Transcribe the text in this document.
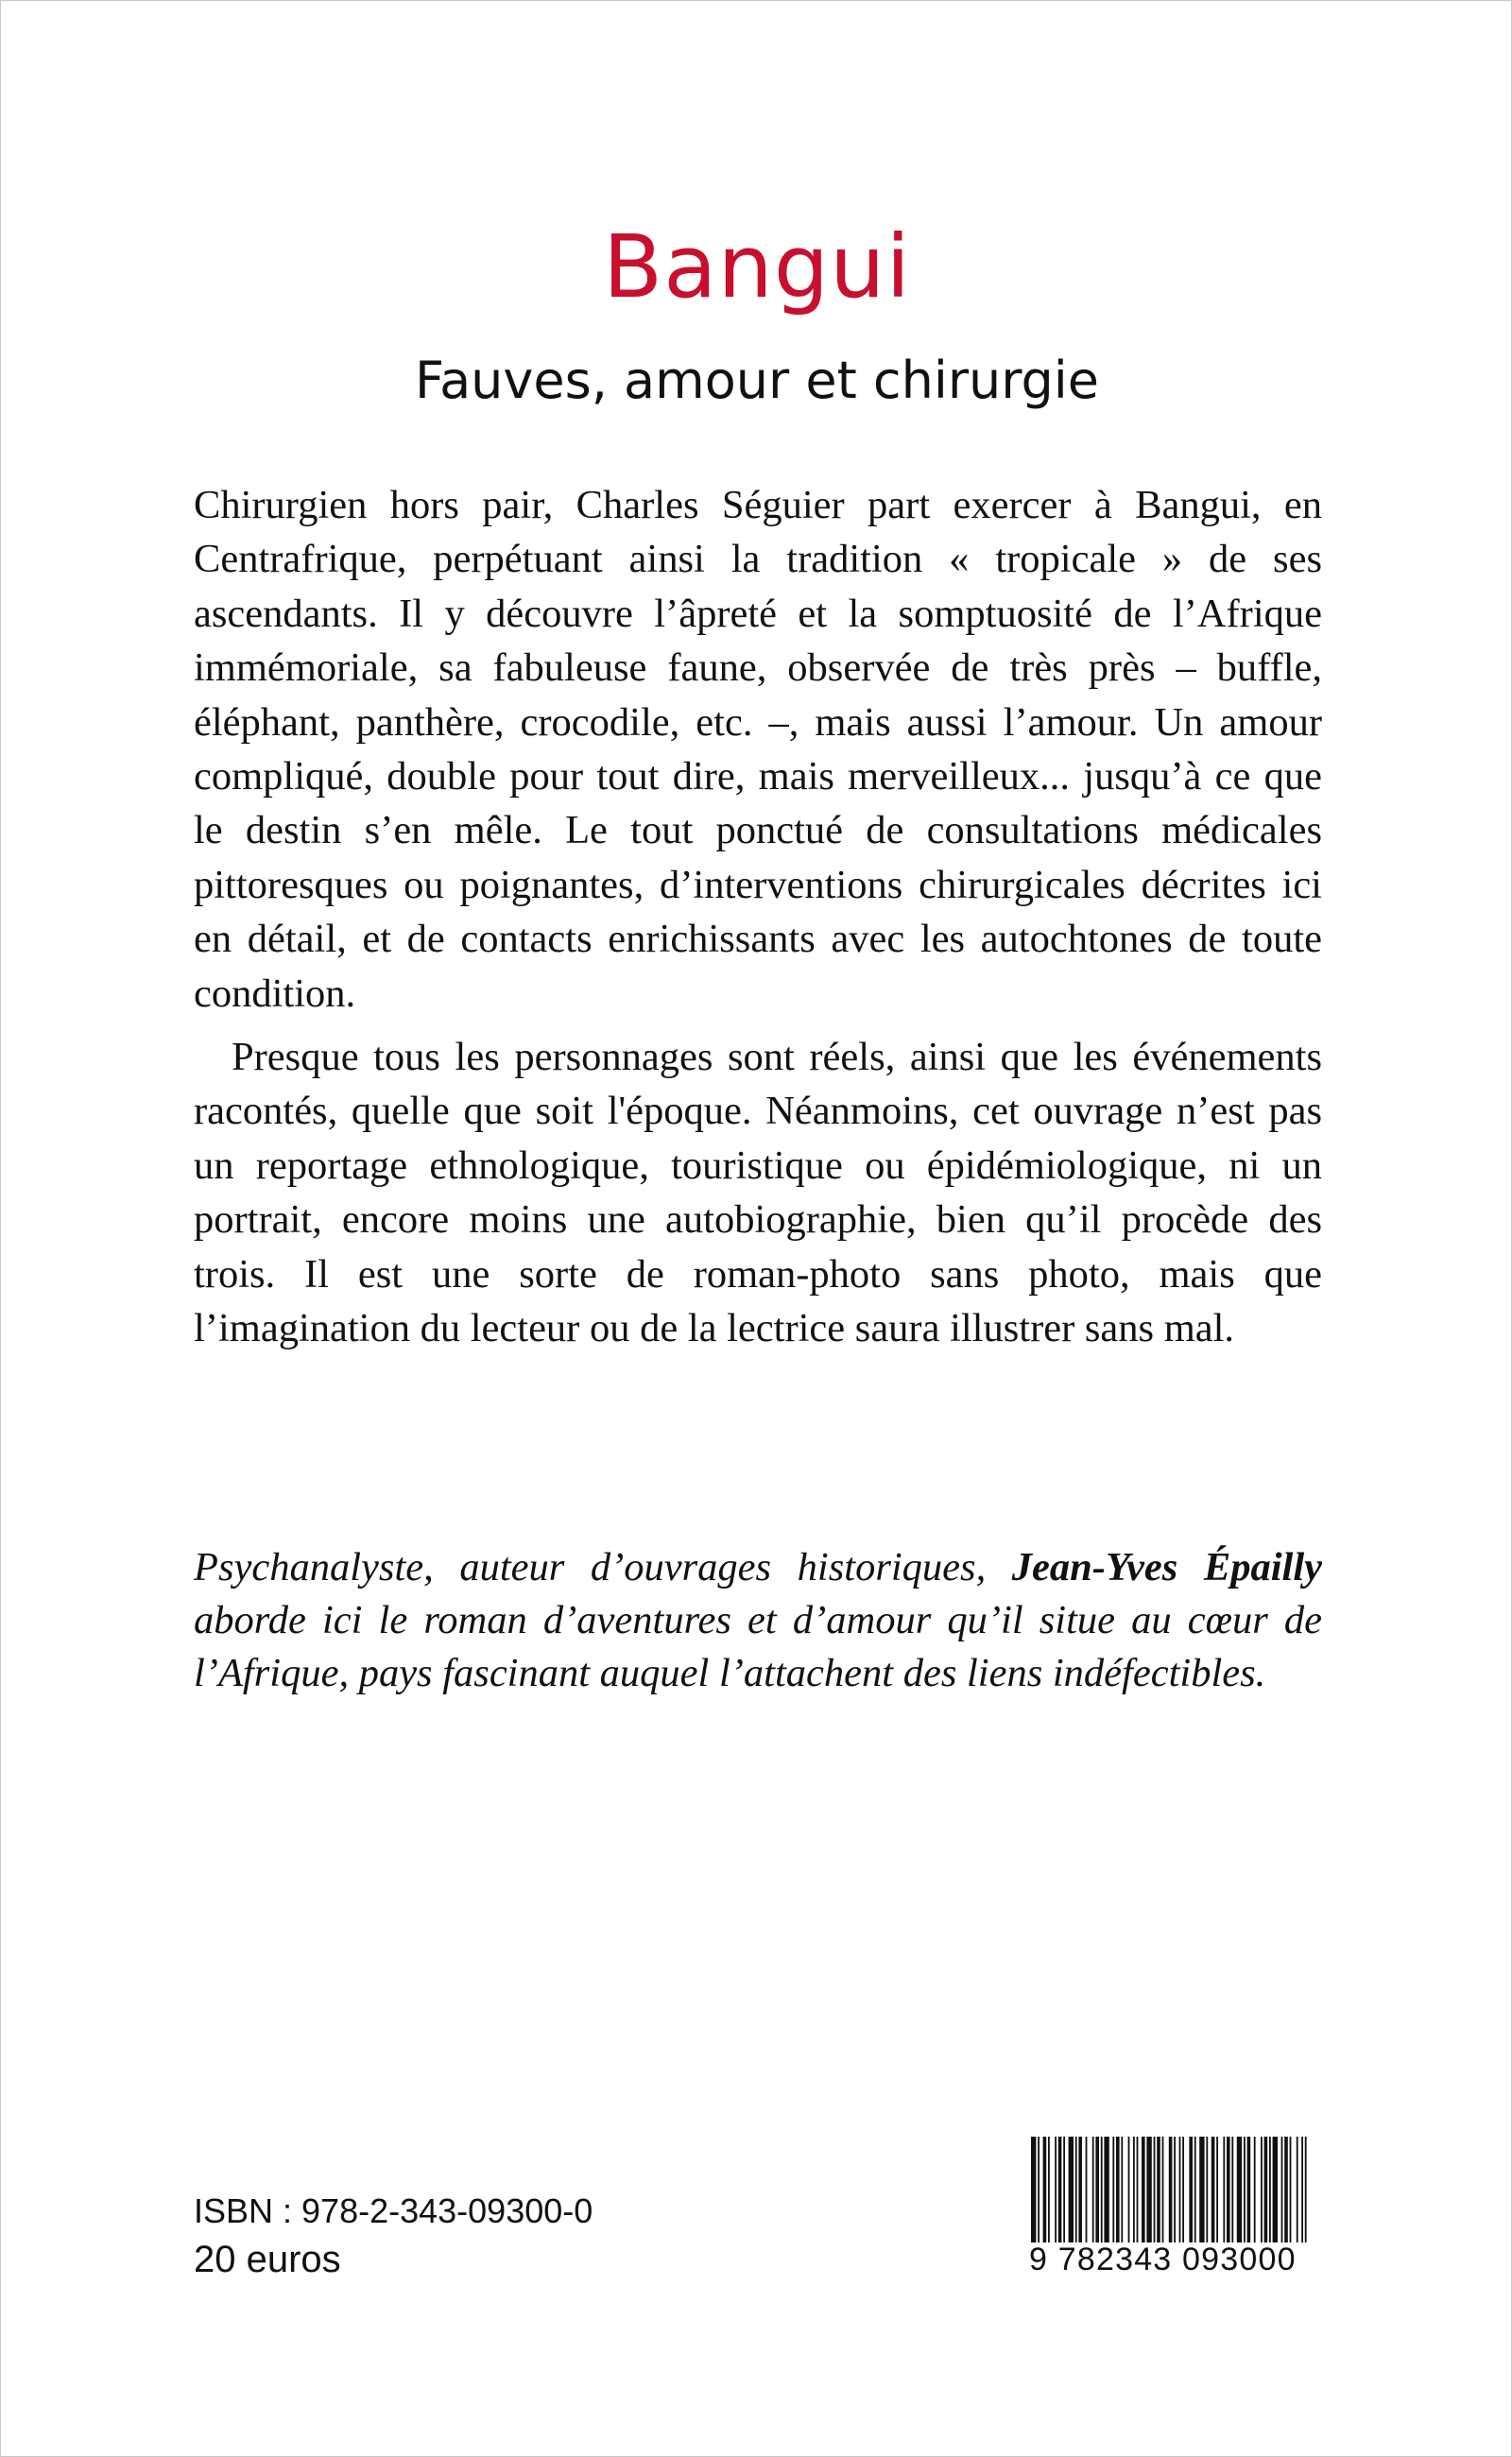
Bangui
Fauves, amour et chirurgie

Chirurgien hors pair, Charles Séguier part exercer à Bangui, en Centrafrique, perpétuant ainsi la tradition « tropicale » de ses ascendants. Il y découvre l’âpreté et la somptuosité de l’Afrique immémoriale, sa fabuleuse faune, observée de très près – buffle, éléphant, panthère, crocodile, etc. –, mais aussi l’amour. Un amour compliqué, double pour tout dire, mais merveilleux... jusqu’à ce que le destin s’en mêle. Le tout ponctué de consultations médicales pittoresques ou poignantes, d’interventions chirurgicales décrites ici en détail, et de contacts enrichissants avec les autochtones de toute condition.

Presque tous les personnages sont réels, ainsi que les événements racontés, quelle que soit l'époque. Néanmoins, cet ouvrage n’est pas un reportage ethnologique, touristique ou épidémiologique, ni un portrait, encore moins une autobiographie, bien qu’il procède des trois. Il est une sorte de roman-photo sans photo, mais que l’imagination du lecteur ou de la lectrice saura illustrer sans mal.

Psychanalyste, auteur d’ouvrages historiques, Jean-Yves Épailly aborde ici le roman d’aventures et d’amour qu’il situe au cœur de l’Afrique, pays fascinant auquel l’attachent des liens indéfectibles.
ISBN : 978-2-343-09300-0
20 euros	9 782343 093000
